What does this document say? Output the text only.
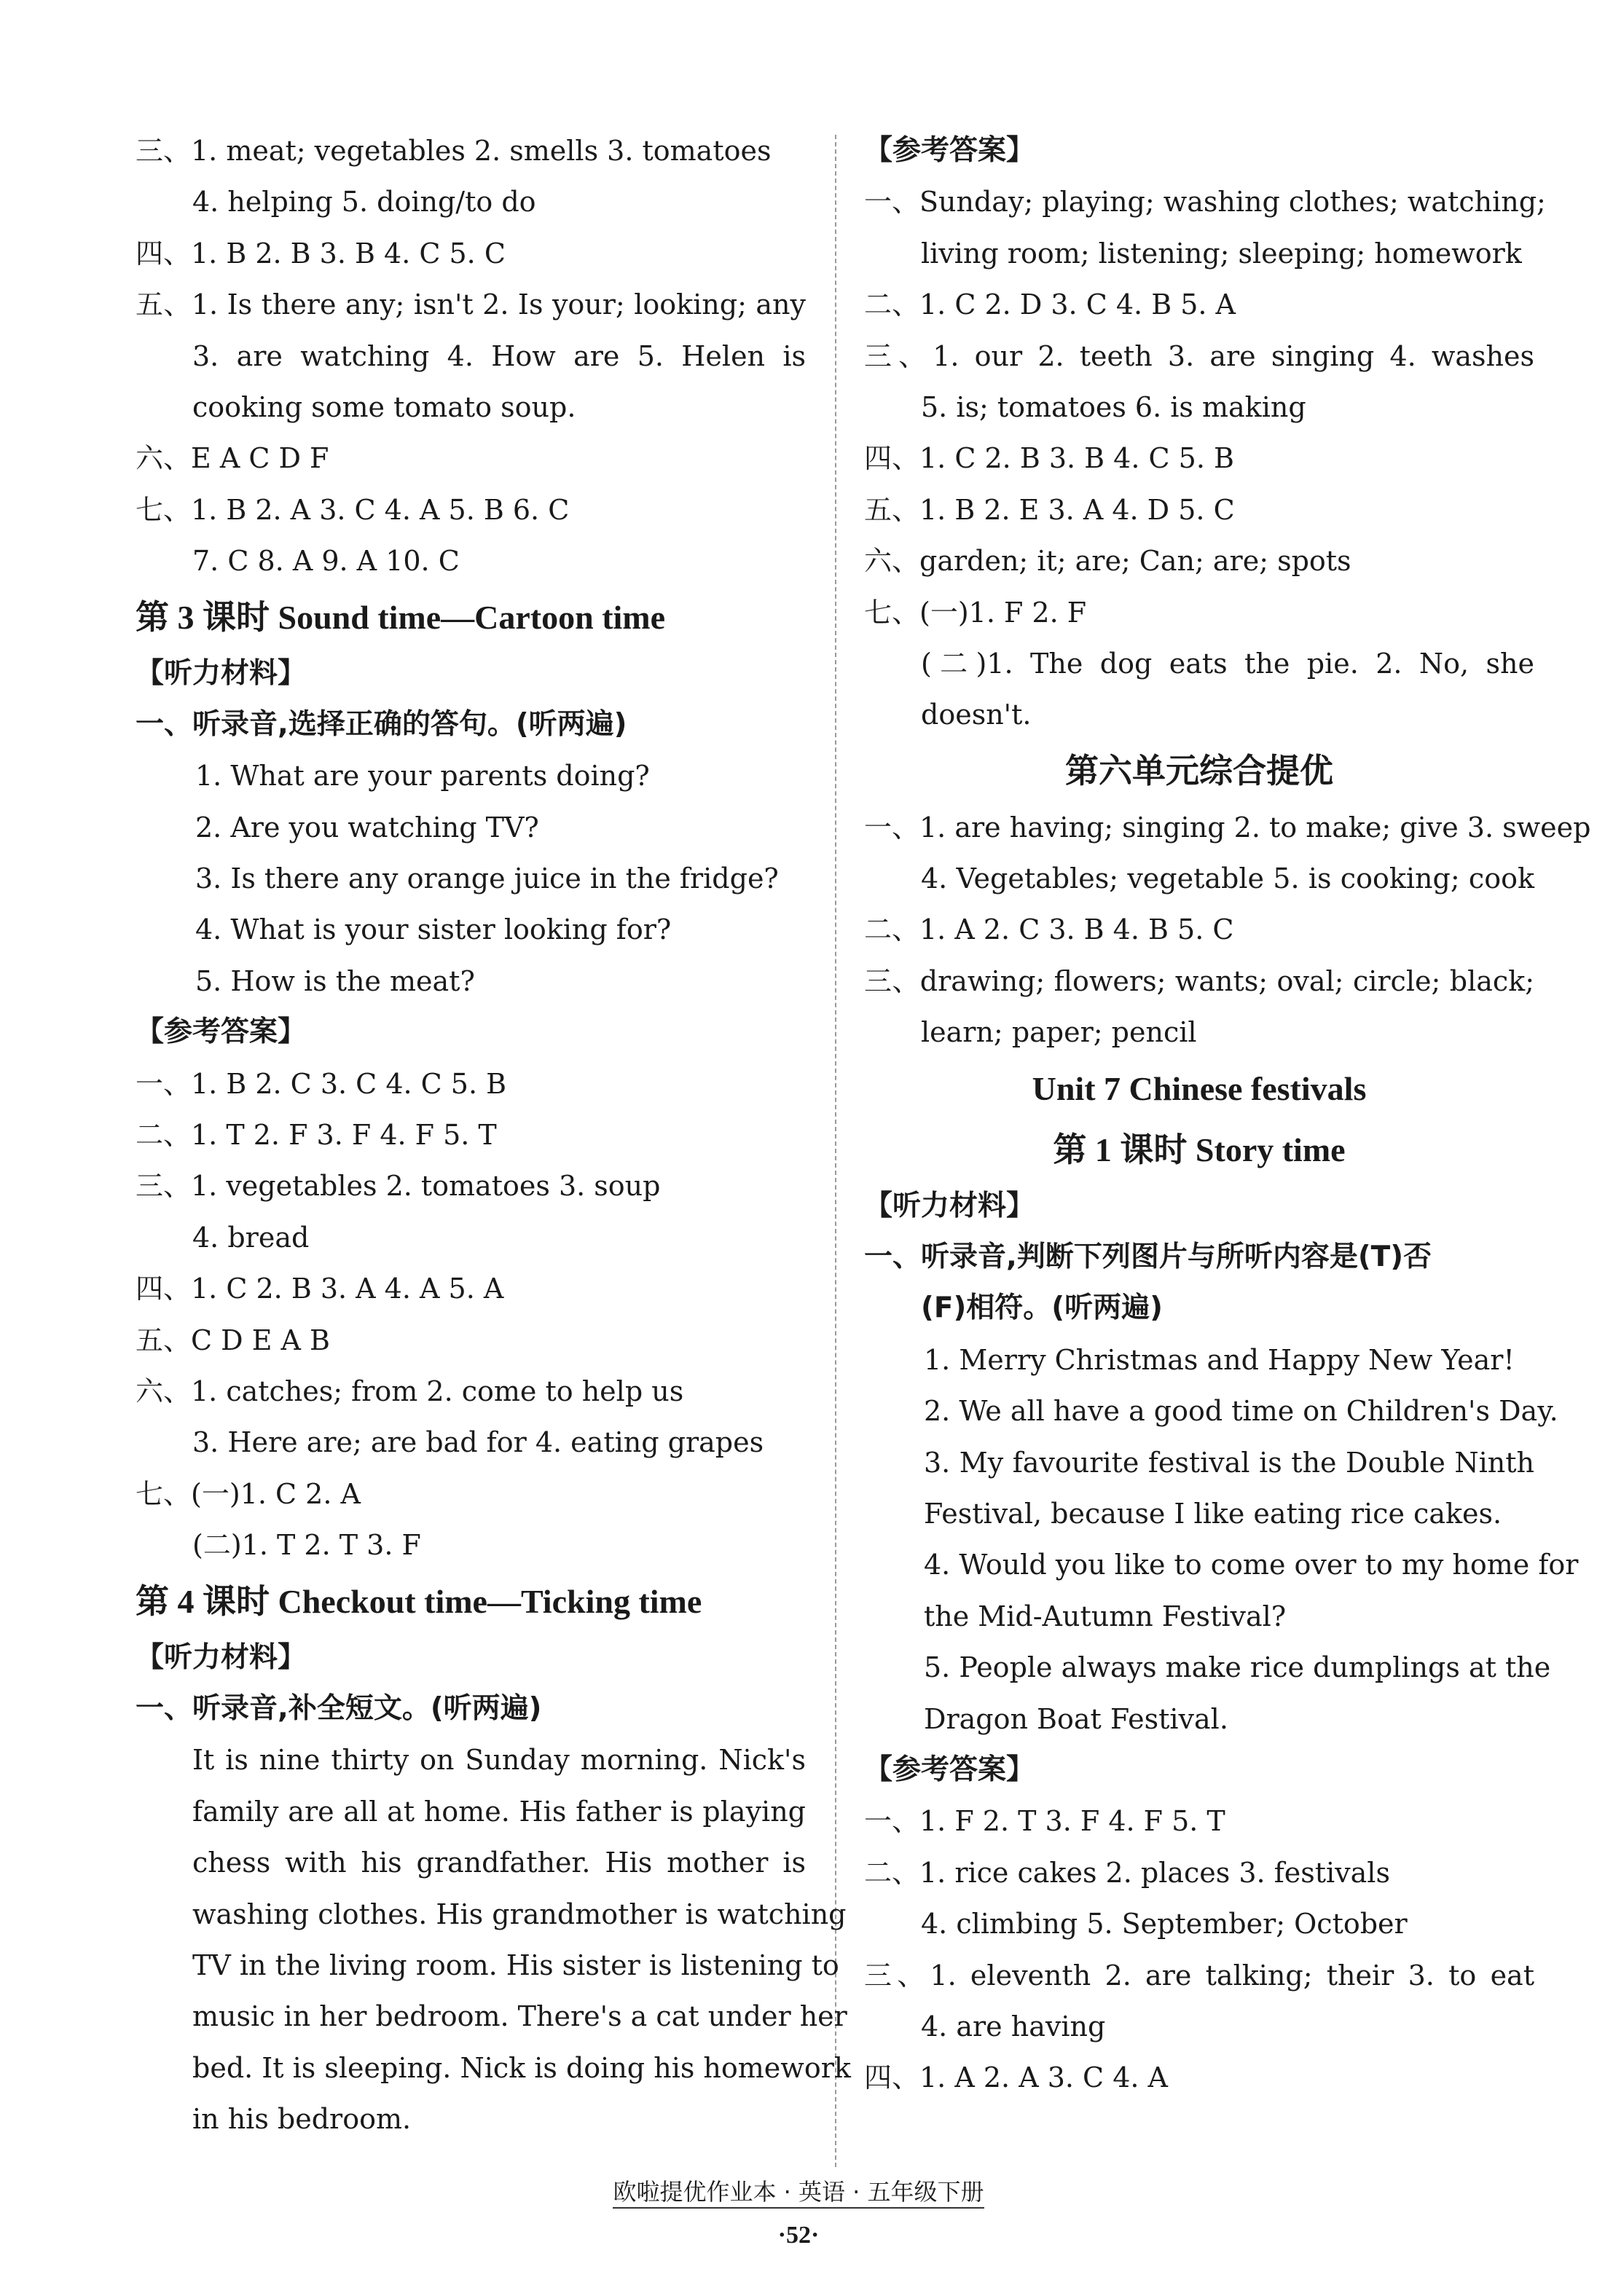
三、1. meat; vegetables 2. smells 3. tomatoes
4. helping 5. doing/to do
四、1. B 2. B 3. B 4. C 5. C
五、1. Is there any; isn't 2. Is your; looking; any
3. are watching 4. How are 5. Helen is
cooking some tomato soup.
六、E A C D F
七、1. B 2. A 3. C 4. A 5. B 6. C
7. C 8. A 9. A 10. C
第 3 课时 Sound time—Cartoon time
【听力材料】
一、听录音,选择正确的答句。(听两遍)
1. What are your parents doing?
2. Are you watching TV?
3. Is there any orange juice in the fridge?
4. What is your sister looking for?
5. How is the meat?
【参考答案】
一、1. B 2. C 3. C 4. C 5. B
二、1. T 2. F 3. F 4. F 5. T
三、1. vegetables 2. tomatoes 3. soup
4. bread
四、1. C 2. B 3. A 4. A 5. A
五、C D E A B
六、1. catches; from 2. come to help us
3. Here are; are bad for 4. eating grapes
七、(一)1. C 2. A
(二)1. T 2. T 3. F
第 4 课时 Checkout time—Ticking time
【听力材料】
一、听录音,补全短文。(听两遍)
It is nine thirty on Sunday morning. Nick's
family are all at home. His father is playing
chess with his grandfather. His mother is
washing clothes. His grandmother is watching
TV in the living room. His sister is listening to
music in her bedroom. There's a cat under her
bed. It is sleeping. Nick is doing his homework
in his bedroom.
【参考答案】
一、Sunday; playing; washing clothes; watching;
living room; listening; sleeping; homework
二、1. C 2. D 3. C 4. B 5. A
三、1. our 2. teeth 3. are singing 4. washes
5. is; tomatoes 6. is making
四、1. C 2. B 3. B 4. C 5. B
五、1. B 2. E 3. A 4. D 5. C
六、garden; it; are; Can; are; spots
七、(一)1. F 2. F
(二)1. The dog eats the pie. 2. No, she
doesn't.
第六单元综合提优
一、1. are having; singing 2. to make; give 3. sweep
4. Vegetables; vegetable 5. is cooking; cook
二、1. A 2. C 3. B 4. B 5. C
三、drawing; flowers; wants; oval; circle; black;
learn; paper; pencil
Unit 7 Chinese festivals
第 1 课时 Story time
【听力材料】
一、听录音,判断下列图片与所听内容是(T)否
(F)相符。(听两遍)
1. Merry Christmas and Happy New Year!
2. We all have a good time on Children's Day.
3. My favourite festival is the Double Ninth
Festival, because I like eating rice cakes.
4. Would you like to come over to my home for
the Mid-Autumn Festival?
5. People always make rice dumplings at the
Dragon Boat Festival.
【参考答案】
一、1. F 2. T 3. F 4. F 5. T
二、1. rice cakes 2. places 3. festivals
4. climbing 5. September; October
三、1. eleventh 2. are talking; their 3. to eat
4. are having
四、1. A 2. A 3. C 4. A
欧啦提优作业本 · 英语 · 五年级下册
·52·
